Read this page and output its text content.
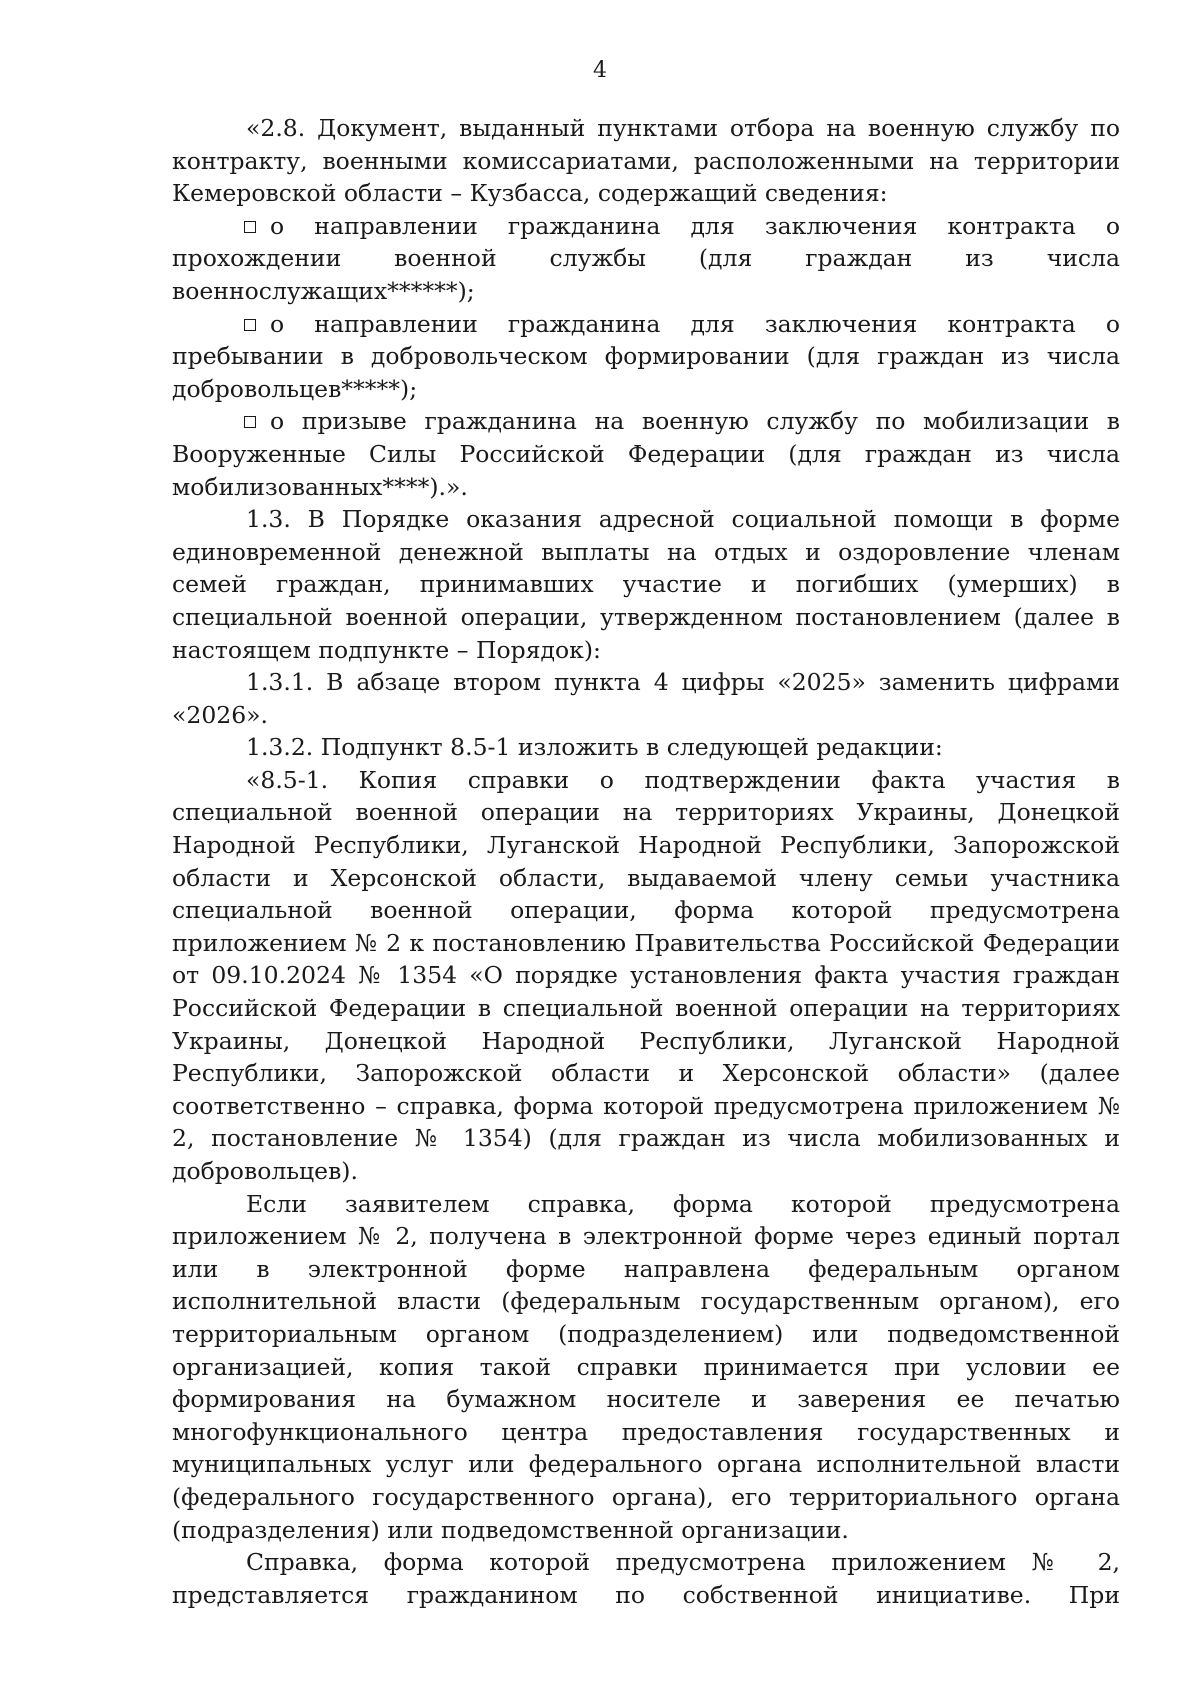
4

«2.8. Документ, выданный пунктами отбора на военную службу по контракту, военными комиссариатами, расположенными на территории Кемеровской области – Кузбасса, содержащий сведения:

о направлении гражданина для заключения контракта о прохождении военной службы (для граждан из числа военнослужащих******);

о направлении гражданина для заключения контракта о пребывании в добровольческом формировании (для граждан из числа добровольцев*****);

о призыве гражданина на военную службу по мобилизации в Вооруженные Силы Российской Федерации (для граждан из числа мобилизованных****).».

1.3. В Порядке оказания адресной социальной помощи в форме единовременной денежной выплаты на отдых и оздоровление членам семей граждан, принимавших участие и погибших (умерших) в специальной военной операции, утвержденном постановлением (далее в настоящем подпункте – Порядок):

1.3.1. В абзаце втором пункта 4 цифры «2025» заменить цифрами «2026».

1.3.2. Подпункт 8.5-1 изложить в следующей редакции:

«8.5-1. Копия справки о подтверждении факта участия в специальной военной операции на территориях Украины, Донецкой Народной Республики, Луганской Народной Республики, Запорожской области и Херсонской области, выдаваемой члену семьи участника специальной военной операции, форма которой предусмотрена приложением № 2 к постановлению Правительства Российской Федерации от 09.10.2024 № 1354 «О порядке установления факта участия граждан Российской Федерации в специальной военной операции на территориях Украины, Донецкой Народной Республики, Луганской Народной Республики, Запорожской области и Херсонской области» (далее соответственно – справка, форма которой предусмотрена приложением № 2, постановление № 1354) (для граждан из числа мобилизованных и добровольцев).

Если заявителем справка, форма которой предусмотрена приложением № 2, получена в электронной форме через единый портал или в электронной форме направлена федеральным органом исполнительной власти (федеральным государственным органом), его территориальным органом (подразделением) или подведомственной организацией, копия такой справки принимается при условии ее формирования на бумажном носителе и заверения ее печатью многофункционального центра предоставления государственных и муниципальных услуг или федерального органа исполнительной власти (федерального государственного органа), его территориального органа (подразделения) или подведомственной организации.

Справка, форма которой предусмотрена приложением № 2, представляется гражданином по собственной инициативе. При
